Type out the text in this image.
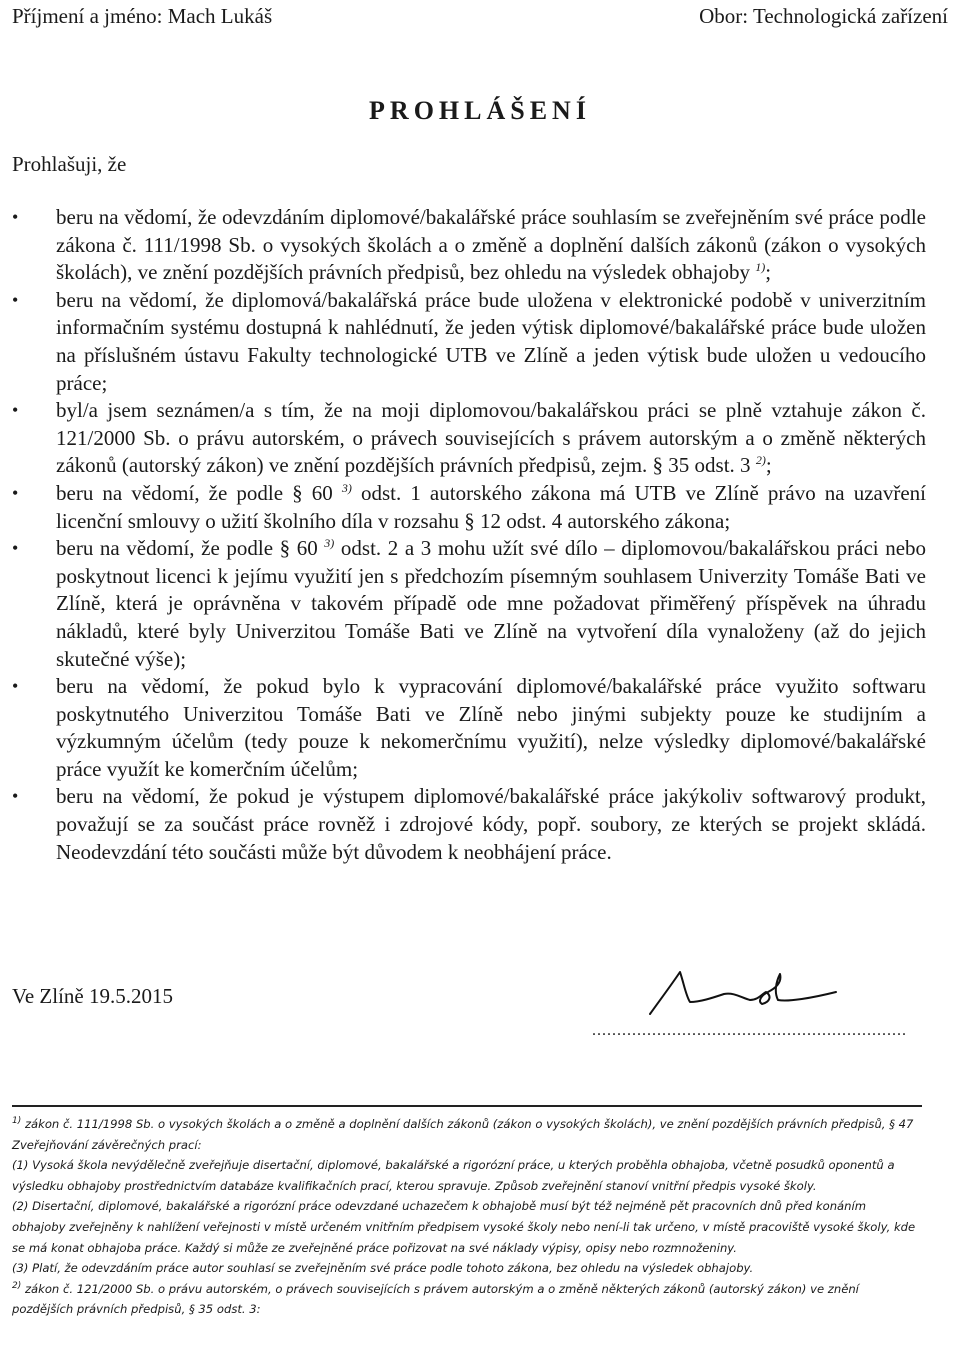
Příjmení a jméno: Mach Lukáš	Obor: Technologická zařízení
PROHLÁŠENÍ
Prohlašuji, že
• beru na vědomí, že odevzdáním diplomové/bakalářské práce souhlasím se zveřejněním své práce podle zákona č. 111/1998 Sb. o vysokých školách a o změně a doplnění dalších zákonů (zákon o vysokých školách), ve znění pozdějších právních předpisů, bez ohledu na výsledek obhajoby $^{1)}$;
• beru na vědomí, že diplomová/bakalářská práce bude uložena v elektronické podobě v univerzitním informačním systému dostupná k nahlédnutí, že jeden výtisk diplomové/bakalářské práce bude uložen na příslušném ústavu Fakulty technologické UTB ve Zlíně a jeden výtisk bude uložen u vedoucího práce;
• byl/a jsem seznámen/a s tím, že na moji diplomovou/bakalářskou práci se plně vztahuje zákon č. 121/2000 Sb. o právu autorském, o právech souvisejících s právem autorským a o změně některých zákonů (autorský zákon) ve znění pozdějších právních předpisů, zejm. § 35 odst. 3 $^{2)}$;
• beru na vědomí, že podle § 60 $^{3)}$ odst. 1 autorského zákona má UTB ve Zlíně právo na uzavření licenční smlouvy o užití školního díla v rozsahu § 12 odst. 4 autorského zákona;
• beru na vědomí, že podle § 60 $^{3)}$ odst. 2 a 3 mohu užít své dílo – diplomovou/bakalářskou práci nebo poskytnout licenci k jejímu využití jen s předchozím písemným souhlasem Univerzity Tomáše Bati ve Zlíně, která je oprávněna v takovém případě ode mne požadovat přiměřený příspěvek na úhradu nákladů, které byly Univerzitou Tomáše Bati ve Zlíně na vytvoření díla vynaloženy (až do jejich skutečné výše);
• beru na vědomí, že pokud bylo k vypracování diplomové/bakalářské práce využito softwaru poskytnutého Univerzitou Tomáše Bati ve Zlíně nebo jinými subjekty pouze ke studijním a výzkumným účelům (tedy pouze k nekomerčnímu využití), nelze výsledky diplomové/bakalářské práce využít ke komerčním účelům;
• beru na vědomí, že pokud je výstupem diplomové/bakalářské práce jakýkoliv softwarový produkt, považují se za součást práce rovněž i zdrojové kódy, popř. soubory, ze kterých se projekt skládá. Neodevzdání této součásti může být důvodem k neobhájení práce.
Ve Zlíně 19.5.2015
...............................................................

$^{1)}$ zákon č. 111/1998 Sb. o vysokých školách a o změně a doplnění dalších zákonů (zákon o vysokých školách), ve znění pozdějších právních předpisů, § 47 Zveřejňování závěrečných prací:

(1) Vysoká škola nevýdělečně zveřejňuje disertační, diplomové, bakalářské a rigorózní práce, u kterých proběhla obhajoba, včetně posudků oponentů a výsledku obhajoby prostřednictvím databáze kvalifikačních prací, kterou spravuje. Způsob zveřejnění stanoví vnitřní předpis vysoké školy.

(2) Disertační, diplomové, bakalářské a rigorózní práce odevzdané uchazečem k obhajobě musí být též nejméně pět pracovních dnů před konáním obhajoby zveřejněny k nahlížení veřejnosti v místě určeném vnitřním předpisem vysoké školy nebo není-li tak určeno, v místě pracoviště vysoké školy, kde se má konat obhajoba práce. Každý si může ze zveřejněné práce pořizovat na své náklady výpisy, opisy nebo rozmnoženiny.

(3) Platí, že odevzdáním práce autor souhlasí se zveřejněním své práce podle tohoto zákona, bez ohledu na výsledek obhajoby.

$^{2)}$ zákon č. 121/2000 Sb. o právu autorském, o právech souvisejících s právem autorským a o změně některých zákonů (autorský zákon) ve znění pozdějších právních předpisů, § 35 odst. 3:
